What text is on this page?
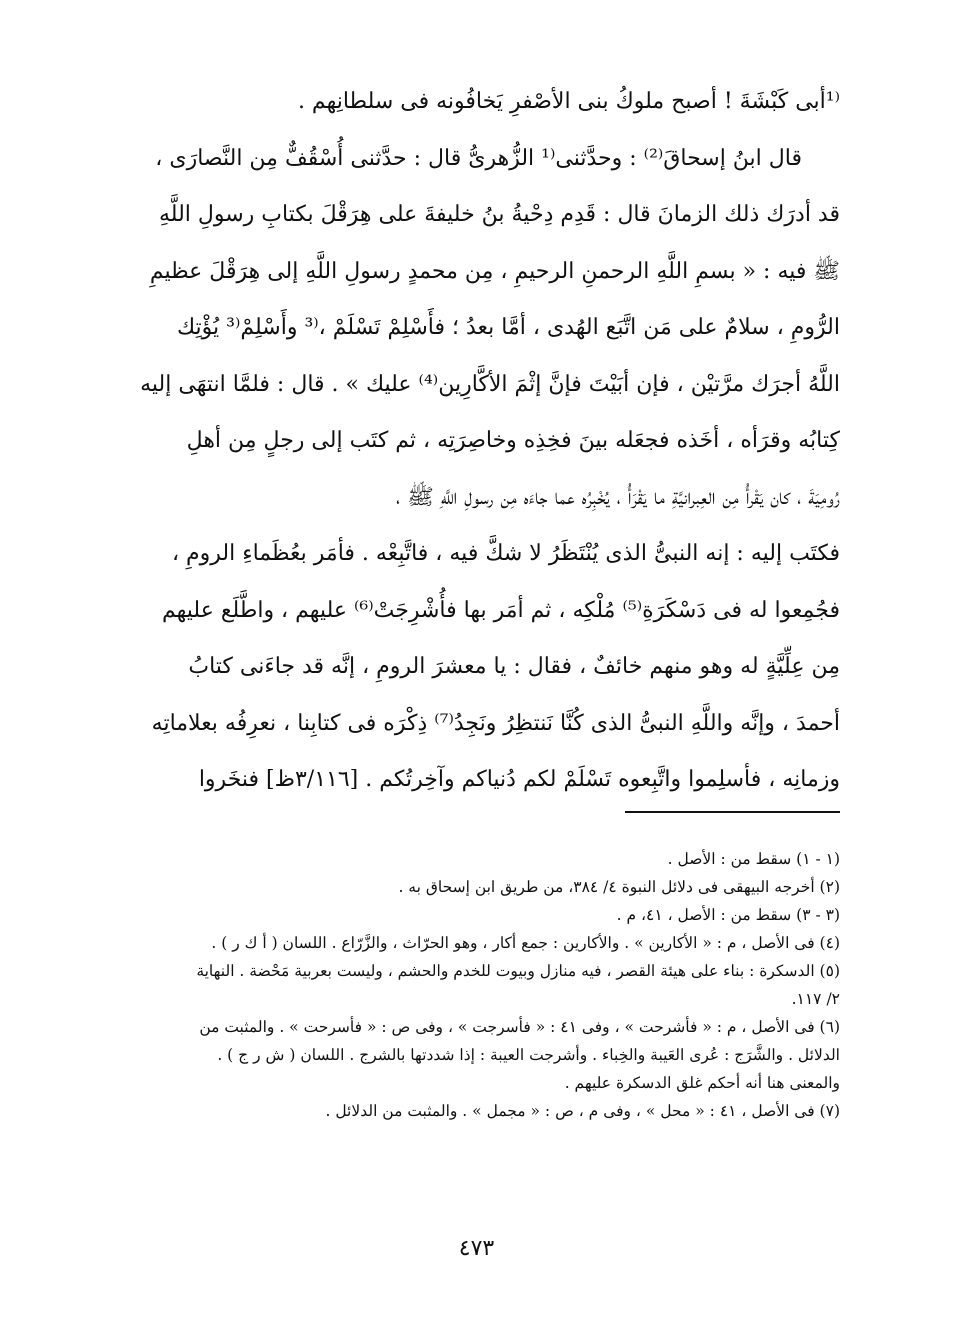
⁽¹أبى كَبْشَةَ ! أصبح ملوكُ بنى الأصْفرِ يَخافُونه فى سلطانِهم .
قال ابنُ إسحاقَ⁽²⁾ : وحدَّثنى⁽¹ الزُّهرىُّ قال : حدَّثنى أُسْقُفٌّ مِن النَّصارَى ،
قد أدرَك ذلك الزمانَ قال : قَدِم دِحْيةُ بنُ خليفةَ على هِرَقْلَ بكتابِ رسولِ اللَّهِ
ﷺ فيه : « بسمِ اللَّهِ الرحمنِ الرحيمِ ، مِن محمدٍ رسولِ اللَّهِ إلى هِرَقْلَ عظيمِ
الرُّومِ ، سلامٌ على مَن اتَّبَع الهُدى ، أمَّا بعدُ ؛ فأَسْلِمْ تَسْلَمْ ،⁽³ وأَسْلِمْ⁽³ يُؤْتِك
اللَّهُ أجرَك مرَّتيْن ، فإن أبَيْتَ فإنَّ إثْمَ الأكَّارِين⁽⁴⁾ عليك » . قال : فلمَّا انتهَى إليه
كِتابُه وقرَأه ، أخَذه فجعَله بينَ فخِذِه وخاصِرَتِه ، ثم كتَب إلى رجلٍ مِن أهلِ
رُومِيَةَ ، كان يَقْرأُ مِن العِبرانيَّةِ ما يَقْرَأُ ، يُخْبِرُه عما جاءَه مِن رسولِ اللَّهِ ﷺ ،
فكتَب إليه : إنه النبىُّ الذى يُنْتَظَرُ لا شكَّ فيه ، فاتَّبِعْه . فأمَر بعُظَماءِ الرومِ ،
فجُمِعوا له فى دَسْكَرَةِ⁽⁵⁾ مُلْكِه ، ثم أمَر بها فأُشْرِجَتْ⁽⁶⁾ عليهم ، واطَّلَع عليهم
مِن عِلِّيَّةٍ له وهو منهم خائفٌ ، فقال : يا معشرَ الرومِ ، إنَّه قد جاءَنى كتابُ
أحمدَ ، وإنَّه واللَّهِ النبىُّ الذى كُنَّا نَنتظِرُ ونَجِدُ⁽⁷⁾ ذِكْرَه فى كتابِنا ، نعرِفُه بعلاماتِه
وزمانِه ، فأسلِموا واتَّبِعوه تَسْلَمْ لكم دُنياكم وآخِرتُكم . [٣/١١٦ظ] فنخَروا
(١ - ١) سقط من : الأصل .
(٢) أخرجه البيهقى فى دلائل النبوة ٤/ ٣٨٤، من طريق ابن إسحاق به .
(٣ - ٣) سقط من : الأصل ، ٤١، م .
(٤) فى الأصل ، م : « الأكارين » . والأكارين : جمع أكار ، وهو الحرّاث ، والزَّرّاع . اللسان ( أ ك ر ) .
(٥) الدسكرة : بناء على هيئة القصر ، فيه منازل وبيوت للخدم والحشم ، وليست بعربية مَحْضة . النهاية
٢/ ١١٧.
(٦) فى الأصل ، م : « فأشرحت » ، وفى ٤١ : « فأسرجت » ، وفى ص : « فأسرحت » . والمثبت من
الدلائل . والشَّرَج : عُرى العَيبة والخِباء . وأشرجت العيبة : إذا شددتها بالشرج . اللسان ( ش ر ج ) .
والمعنى هنا أنه أحكم غلق الدسكرة عليهم .
(٧) فى الأصل ، ٤١ : « محل » ، وفى م ، ص : « مجمل » . والمثبت من الدلائل .
٤٧٣
